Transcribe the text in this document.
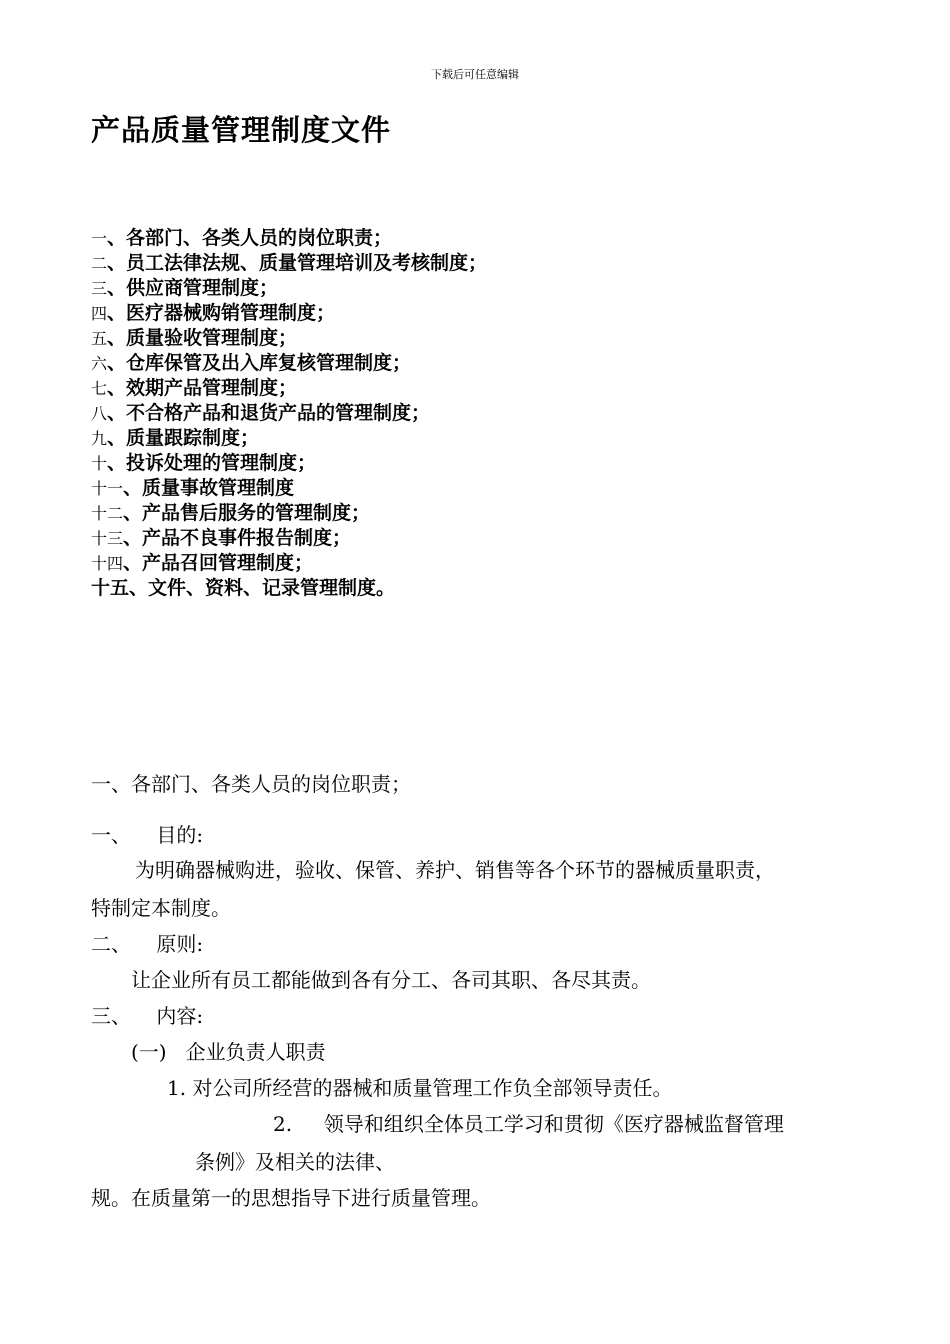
下载后可任意编辑
产品质量管理制度文件
一、各部门、各类人员的岗位职责；
二、员工法律法规、质量管理培训及考核制度；
三、供应商管理制度；
四、医疗器械购销管理制度；
五、质量验收管理制度；
六、仓库保管及出入库复核管理制度；
七、效期产品管理制度；
八、不合格产品和退货产品的管理制度；
九、质量跟踪制度；
十、投诉处理的管理制度；
十一、质量事故管理制度
十二、产品售后服务的管理制度；
十三、产品不良事件报告制度；
十四、产品召回管理制度；
十五、文件、资料、记录管理制度。
一、各部门、各类人员的岗位职责；
一、    目的:
为明确器械购进，验收、保管、养护、销售等各个环节的器械质量职责，
特制定本制度。
二、    原则:
让企业所有员工都能做到各有分工、各司其职、各尽其责。
三、    内容:
(一)   企业负责人职责
1. 对公司所经营的器械和质量管理工作负全部领导责任。
2.     领导和组织全体员工学习和贯彻《医疗器械监督管理
条例》及相关的法律、
规。在质量第一的思想指导下进行质量管理。
